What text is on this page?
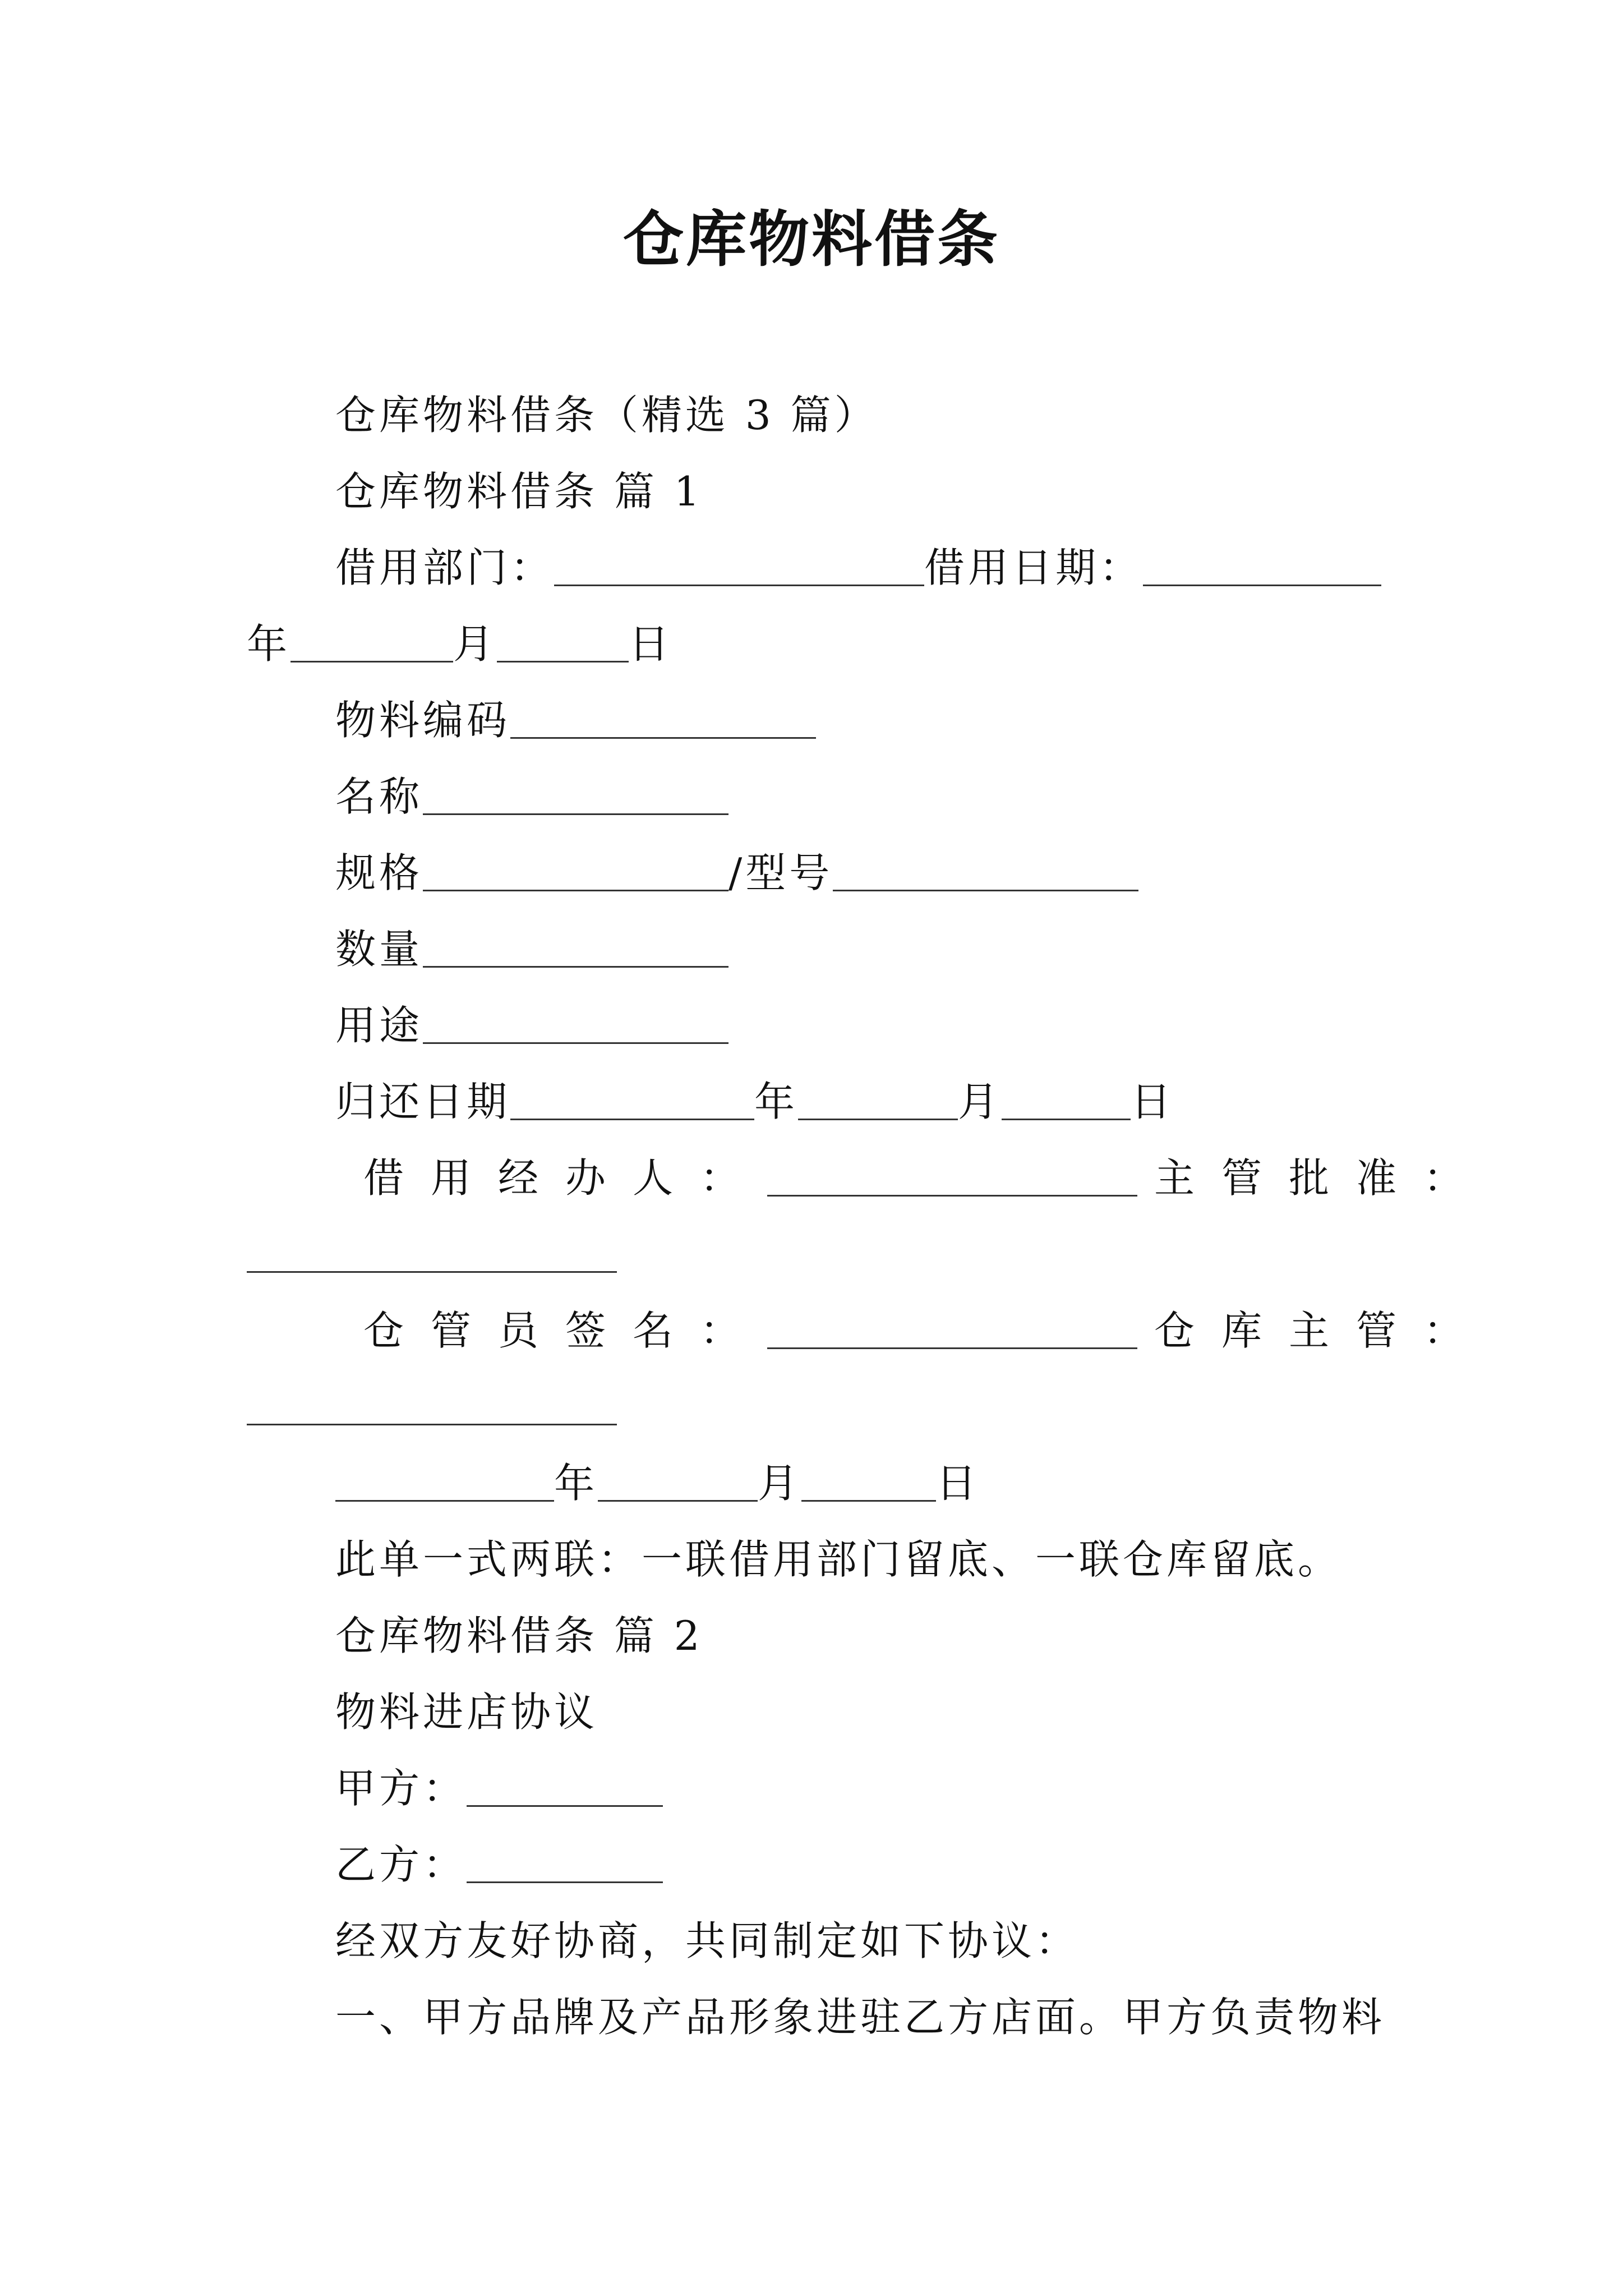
仓库物料借条
仓库物料借条（精选 3 篇）
仓库物料借条 篇 1
借用部门：	借用日期：
年	月	日
物料编码
名称
规格	/型号
数量
用途
归还日期	年	月	日
借用经办人：	主管批准：
仓管员签名：	仓库主管：
年	月	日
此单一式两联：一联借用部门留底、一联仓库留底。
仓库物料借条 篇 2
物料进店协议
甲方：
乙方：
经双方友好协商，共同制定如下协议：
一、甲方品牌及产品形象进驻乙方店面。甲方负责物料
